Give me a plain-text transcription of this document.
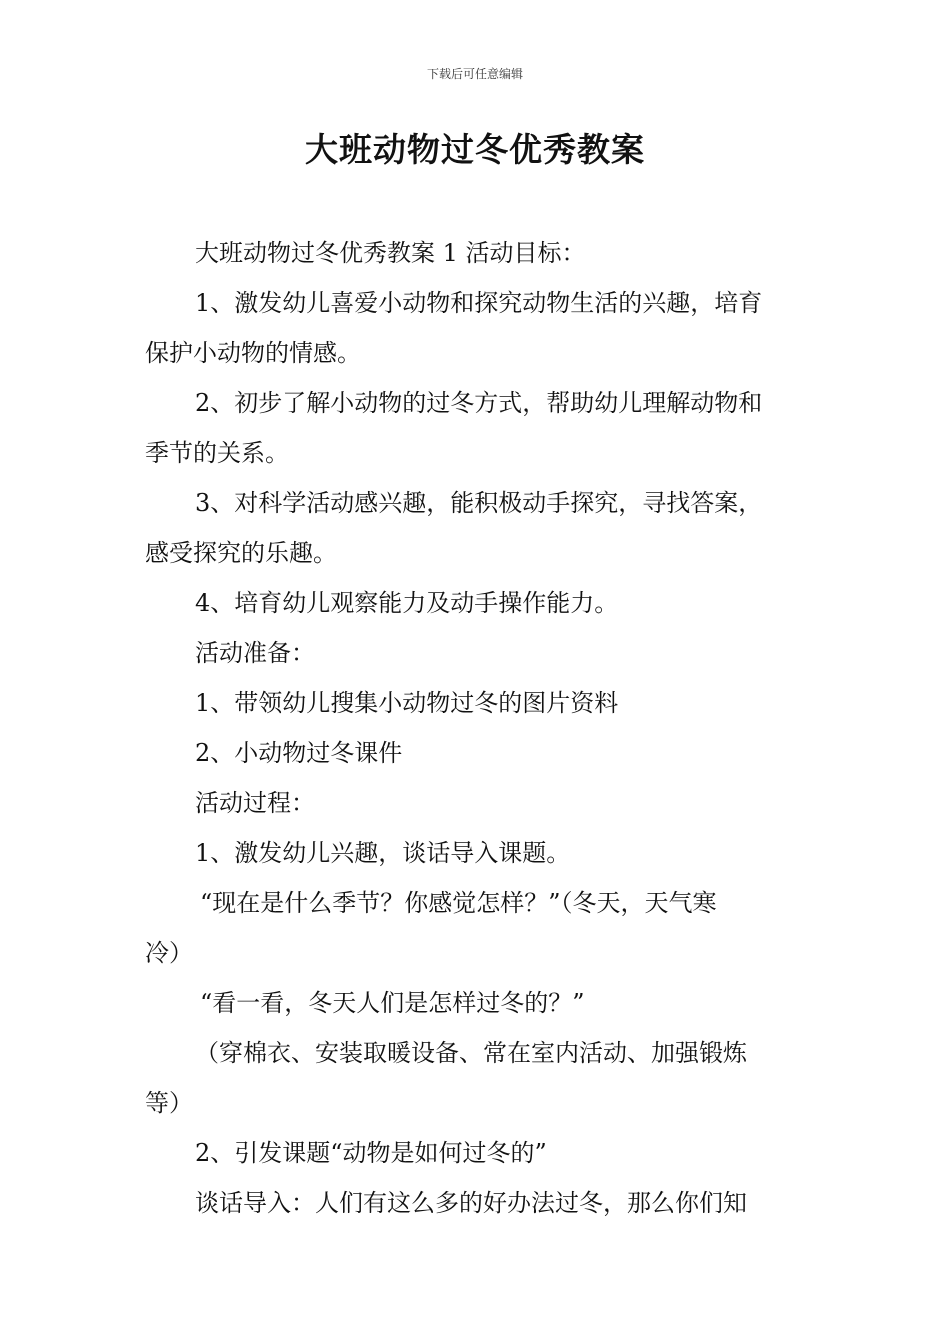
下载后可任意编辑
大班动物过冬优秀教案

大班动物过冬优秀教案 1 活动目标：

1、激发幼儿喜爱小动物和探究动物生活的兴趣，培育

保护小动物的情感。

2、初步了解小动物的过冬方式，帮助幼儿理解动物和

季节的关系。

3、对科学活动感兴趣，能积极动手探究，寻找答案，

感受探究的乐趣。

4、培育幼儿观察能力及动手操作能力。

活动准备：

1、带领幼儿搜集小动物过冬的图片资料

2、小动物过冬课件

活动过程：

1、激发幼儿兴趣，谈话导入课题。

“现在是什么季节？你感觉怎样？”（冬天，天气寒

冷）

“看一看，冬天人们是怎样过冬的？”

（穿棉衣、安装取暖设备、常在室内活动、加强锻炼

等）

2、引发课题“动物是如何过冬的”

谈话导入：人们有这么多的好办法过冬，那么你们知
